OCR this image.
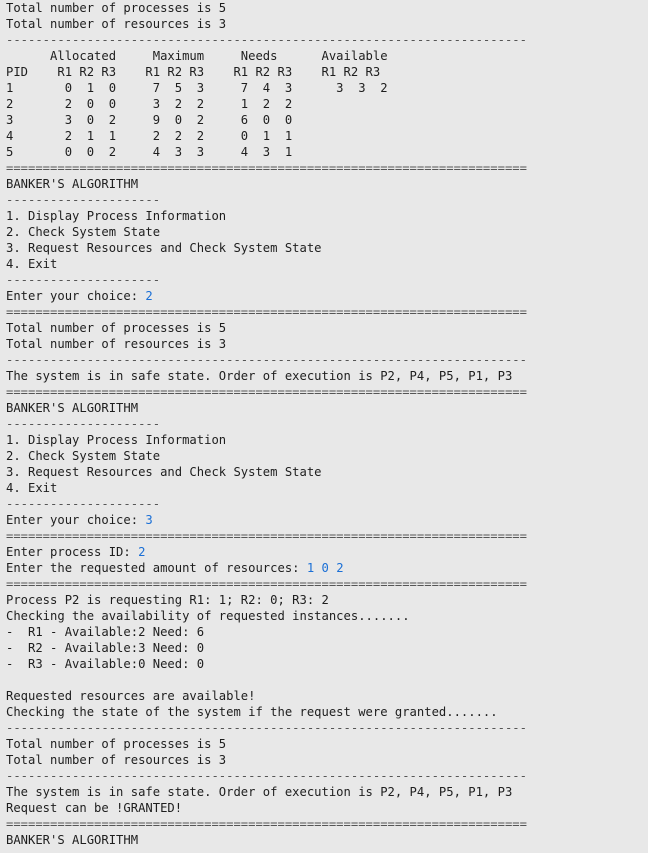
Total number of processes is 5
Total number of resources is 3
-----------------------------------------------------------------------
Allocated     Maximum     Needs      Available
PID    R1 R2 R3    R1 R2 R3    R1 R2 R3    R1 R2 R3
1       0  1  0     7  5  3     7  4  3      3  3  2
2       2  0  0     3  2  2     1  2  2
3       3  0  2     9  0  2     6  0  0
4       2  1  1     2  2  2     0  1  1
5       0  0  2     4  3  3     4  3  1
=======================================================================
BANKER'S ALGORITHM
---------------------
1. Display Process Information
2. Check System State
3. Request Resources and Check System State
4. Exit
---------------------
Enter your choice: 2
=======================================================================
Total number of processes is 5
Total number of resources is 3
-----------------------------------------------------------------------
The system is in safe state. Order of execution is P2, P4, P5, P1, P3
=======================================================================
BANKER'S ALGORITHM
---------------------
1. Display Process Information
2. Check System State
3. Request Resources and Check System State
4. Exit
---------------------
Enter your choice: 3
=======================================================================
Enter process ID: 2
Enter the requested amount of resources: 1 0 2
=======================================================================
Process P2 is requesting R1: 1; R2: 0; R3: 2
Checking the availability of requested instances.......
-  R1 - Available:2 Need: 6
-  R2 - Available:3 Need: 0
-  R3 - Available:0 Need: 0
Requested resources are available!
Checking the state of the system if the request were granted.......
-----------------------------------------------------------------------
Total number of processes is 5
Total number of resources is 3
-----------------------------------------------------------------------
The system is in safe state. Order of execution is P2, P4, P5, P1, P3
Request can be !GRANTED!
=======================================================================
BANKER'S ALGORITHM
